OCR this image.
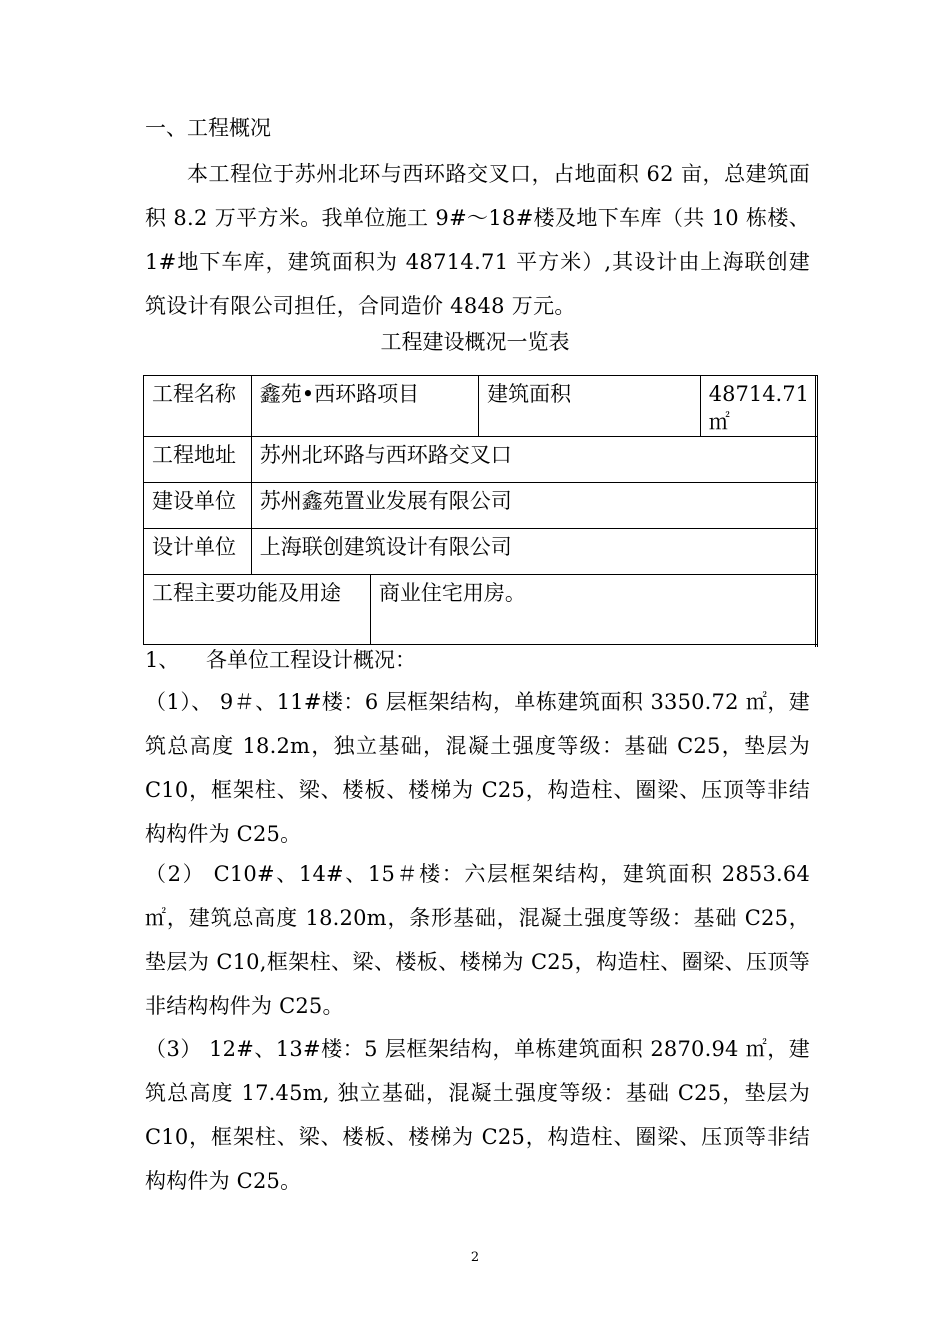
一、工程概况
本工程位于苏州北环与西环路交叉口，占地面积 62 亩，总建筑面积 8.2 万平方米。我单位施工 9#～18#楼及地下车库（共 10 栋楼、1#地下车库，建筑面积为 48714.71 平方米）,其设计由上海联创建筑设计有限公司担任，合同造价 4848 万元。
工程建设概况一览表
工程名称	鑫苑•西环路项目		建筑面积	48714.71 ㎡
工程地址	苏州北环路与西环路交叉口			
建设单位	苏州鑫苑置业发展有限公司			
设计单位	上海联创建筑设计有限公司			
工程主要功能及用途		商业住宅用房。		
1、    各单位工程设计概况：
（1）、 9＃、11#楼：6 层框架结构，单栋建筑面积 3350.72 ㎡，建筑总高度 18.2m，独立基础，混凝土强度等级：基础 C25，垫层为 C10，框架柱、梁、楼板、楼梯为 C25，构造柱、圈梁、压顶等非结构构件为 C25。
（2） C10#、14#、15＃楼：六层框架结构，建筑面积 2853.64 ㎡，建筑总高度 18.20m，条形基础，混凝土强度等级：基础 C25，垫层为 C10,框架柱、梁、楼板、楼梯为 C25，构造柱、圈梁、压顶等非结构构件为 C25。
（3） 12#、13#楼：5 层框架结构，单栋建筑面积 2870.94 ㎡，建筑总高度 17.45m, 独立基础，混凝土强度等级：基础 C25，垫层为 C10，框架柱、梁、楼板、楼梯为 C25，构造柱、圈梁、压顶等非结构构件为 C25。
2
